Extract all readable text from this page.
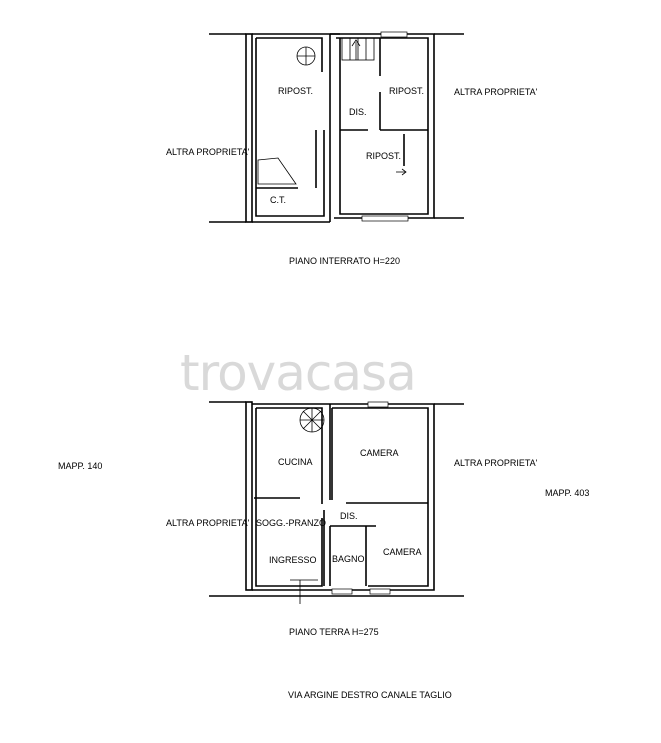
trovacasa
RIPOST.	RIPOST.
RIPOST.
DIS.
C.T.
ALTRA PROPRIETA'
ALTRA PROPRIETA'
PIANO INTERRATO H=220
CUCINA
CAMERA
CAMERA
SOGG.-PRANZO
DIS.
INGRESSO BAGNO
ALTRA PROPRIETA'
ALTRA PROPRIETA'
MAPP. 140
MAPP. 403
PIANO TERRA H=275
VIA ARGINE DESTRO CANALE TAGLIO
